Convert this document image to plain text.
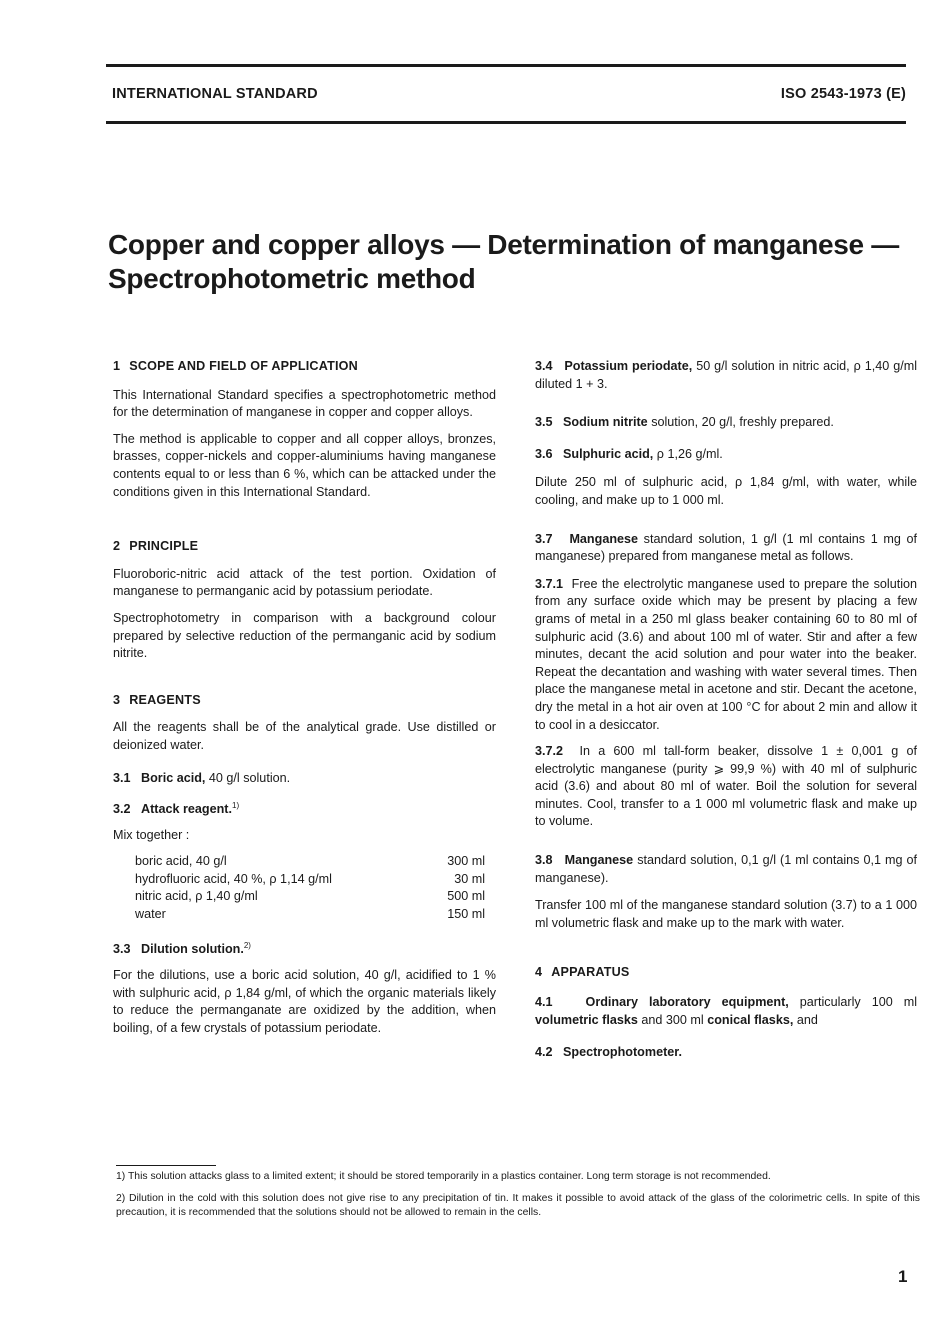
INTERNATIONAL STANDARD	ISO 2543-1973 (E)
Copper and copper alloys — Determination of manganese —
Spectrophotometric method

1 SCOPE AND FIELD OF APPLICATION

This International Standard specifies a spectrophotometric method for the determination of manganese in copper and copper alloys.

The method is applicable to copper and all copper alloys, bronzes, brasses, copper-nickels and copper-aluminiums having manganese contents equal to or less than 6 %, which can be attacked under the conditions given in this International Standard.

2 PRINCIPLE

Fluoroboric-nitric acid attack of the test portion. Oxidation of manganese to permanganic acid by potassium periodate.

Spectrophotometry in comparison with a background colour prepared by selective reduction of the permanganic acid by sodium nitrite.

3 REAGENTS

All the reagents shall be of the analytical grade. Use distilled or deionized water.

3.1 Boric acid, 40 g/l solution.

3.2 Attack reagent.$^{1)}$

Mix together :

boric acid, 40 g/l	300 ml
hydrofluoric acid, 40 %, ρ 1,14 g/ml	30 ml
nitric acid, ρ 1,40 g/ml	500 ml
water	150 ml

3.3 Dilution solution.$^{2)}$

For the dilutions, use a boric acid solution, 40 g/l, acidified to 1 % with sulphuric acid, ρ 1,84 g/ml, of which the organic materials likely to reduce the permanganate are oxidized by the addition, when boiling, of a few crystals of potassium periodate.

3.4 Potassium periodate, 50 g/l solution in nitric acid, ρ 1,40 g/ml diluted 1 + 3.

3.5 Sodium nitrite solution, 20 g/l, freshly prepared.

3.6 Sulphuric acid, ρ 1,26 g/ml.

Dilute 250 ml of sulphuric acid, ρ 1,84 g/ml, with water, while cooling, and make up to 1 000 ml.

3.7 Manganese standard solution, 1 g/l (1 ml contains 1 mg of manganese) prepared from manganese metal as follows.

3.7.1 Free the electrolytic manganese used to prepare the solution from any surface oxide which may be present by placing a few grams of metal in a 250 ml glass beaker containing 60 to 80 ml of sulphuric acid (3.6) and about 100 ml of water. Stir and after a few minutes, decant the acid solution and pour water into the beaker. Repeat the decantation and washing with water several times. Then place the manganese metal in acetone and stir. Decant the acetone, dry the metal in a hot air oven at 100 °C for about 2 min and allow it to cool in a desiccator.

3.7.2 In a 600 ml tall-form beaker, dissolve 1 ± 0,001 g of electrolytic manganese (purity ⩾ 99,9 %) with 40 ml of sulphuric acid (3.6) and about 80 ml of water. Boil the solution for several minutes. Cool, transfer to a 1 000 ml volumetric flask and make up to volume.

3.8 Manganese standard solution, 0,1 g/l (1 ml contains 0,1 mg of manganese).

Transfer 100 ml of the manganese standard solution (3.7) to a 1 000 ml volumetric flask and make up to the mark with water.

4 APPARATUS

4.1	Ordinary laboratory equipment, particularly 100 ml volumetric flasks and 300 ml conical flasks, and

4.2 Spectrophotometer.

1) This solution attacks glass to a limited extent; it should be stored temporarily in a plastics container. Long term storage is not recommended.

2) Dilution in the cold with this solution does not give rise to any precipitation of tin. It makes it possible to avoid attack of the glass of the colorimetric cells. In spite of this precaution, it is recommended that the solutions should not be allowed to remain in the cells.

1
